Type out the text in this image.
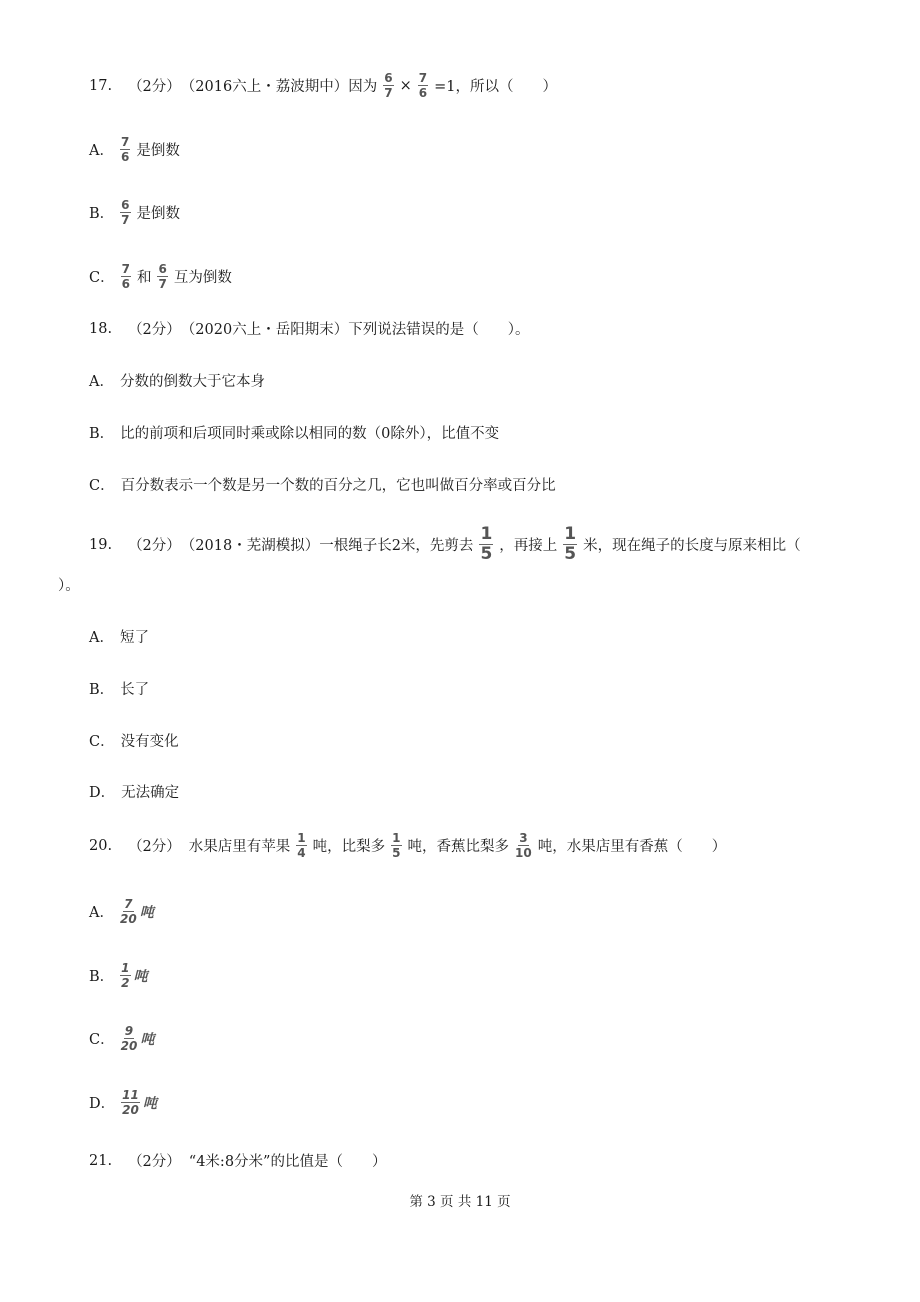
17. （2分） （2016六上・荔波期中）因为 $\frac{6}{7} \times \frac{7}{6} =1$，所以（　　）
A． $\frac{7}{6}$ 是倒数
B． $\frac{6}{7}$ 是倒数
C． $\frac{7}{6}$ 和 $\frac{6}{7}$ 互为倒数
18. （2分） （2020六上・岳阳期末）下列说法错误的是（　　）。
A． 分数的倒数大于它本身
B． 比的前项和后项同时乘或除以相同的数（0除外），比值不变
C． 百分数表示一个数是另一个数的百分之几，它也叫做百分率或百分比
19. （2分） （2018・芜湖模拟）一根绳子长2米，先剪去 $\frac{1}{5}$ ，再接上 $\frac{1}{5}$ 米，现在绳子的长度与原来相比（
）。
A． 短了
B． 长了
C． 没有变化
D． 无法确定
20. （2分） 水果店里有苹果 $\frac{1}{4}$ 吨，比梨多 $\frac{1}{5}$ 吨，香蕉比梨多 $\frac{3}{10}$ 吨，水果店里有香蕉（　　）
A． $\frac{7}{20}$ 吨
B． $\frac{1}{2}$ 吨
C． $\frac{9}{20}$ 吨
D． $\frac{11}{20}$ 吨
21. （2分） “4米:8分米”的比值是（　　）
第 3 页 共 11 页
